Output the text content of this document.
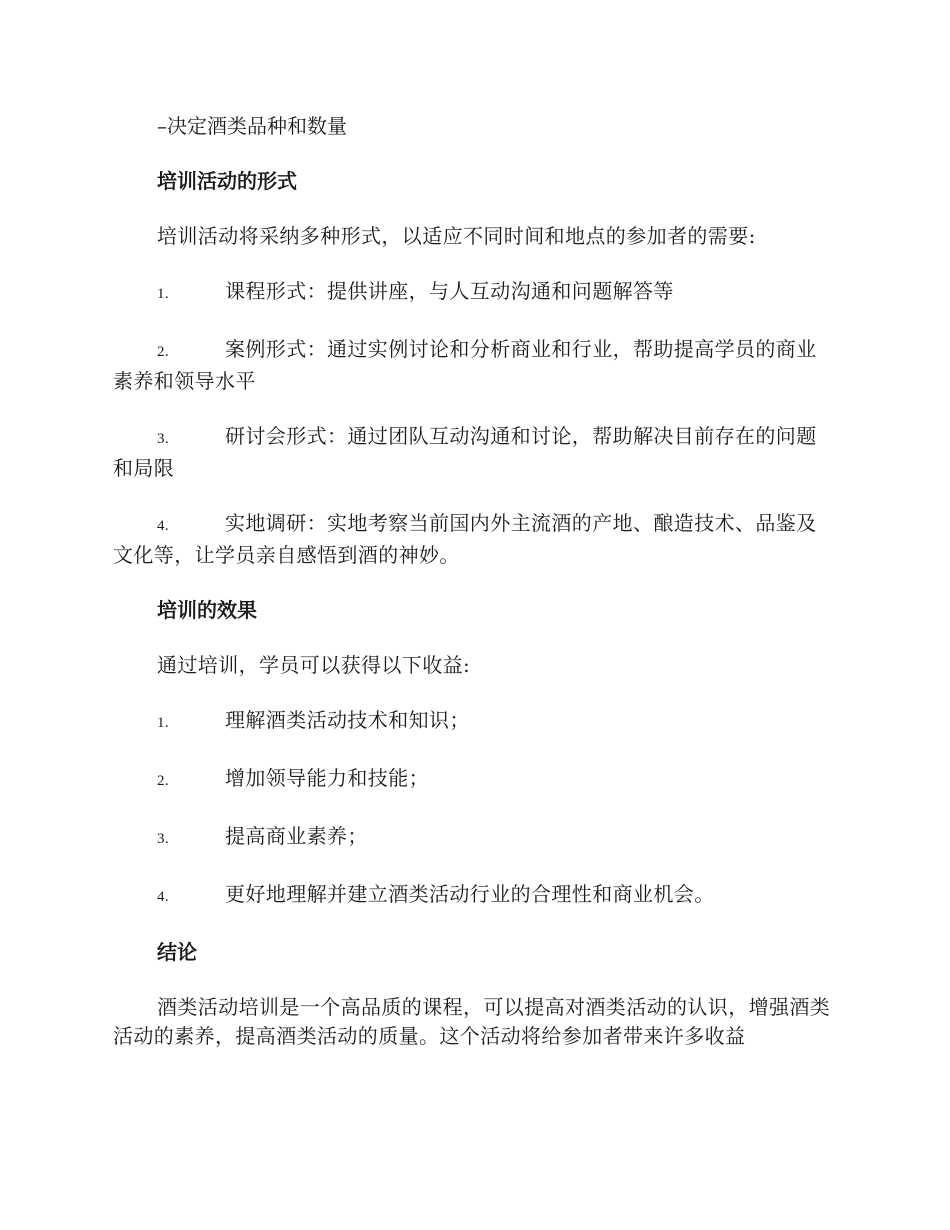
–决定酒类品种和数量

培训活动的形式

培训活动将采纳多种形式，以适应不同时间和地点的参加者的需要:

1.	课程形式：提供讲座，与人互动沟通和问题解答等

2.	案例形式：通过实例讨论和分析商业和行业，帮助提高学员的商业素养和领导水平

3.	研讨会形式：通过团队互动沟通和讨论，帮助解决目前存在的问题和局限

4.	实地调研：实地考察当前国内外主流酒的产地、酿造技术、品鉴及文化等，让学员亲自感悟到酒的神妙。

培训的效果

通过培训，学员可以获得以下收益:

1.	理解酒类活动技术和知识；

2.	增加领导能力和技能；

3.	提高商业素养；

4.	更好地理解并建立酒类活动行业的合理性和商业机会。

结论

酒类活动培训是一个高品质的课程，可以提高对酒类活动的认识，增强酒类活动的素养，提高酒类活动的质量。这个活动将给参加者带来许多收益
